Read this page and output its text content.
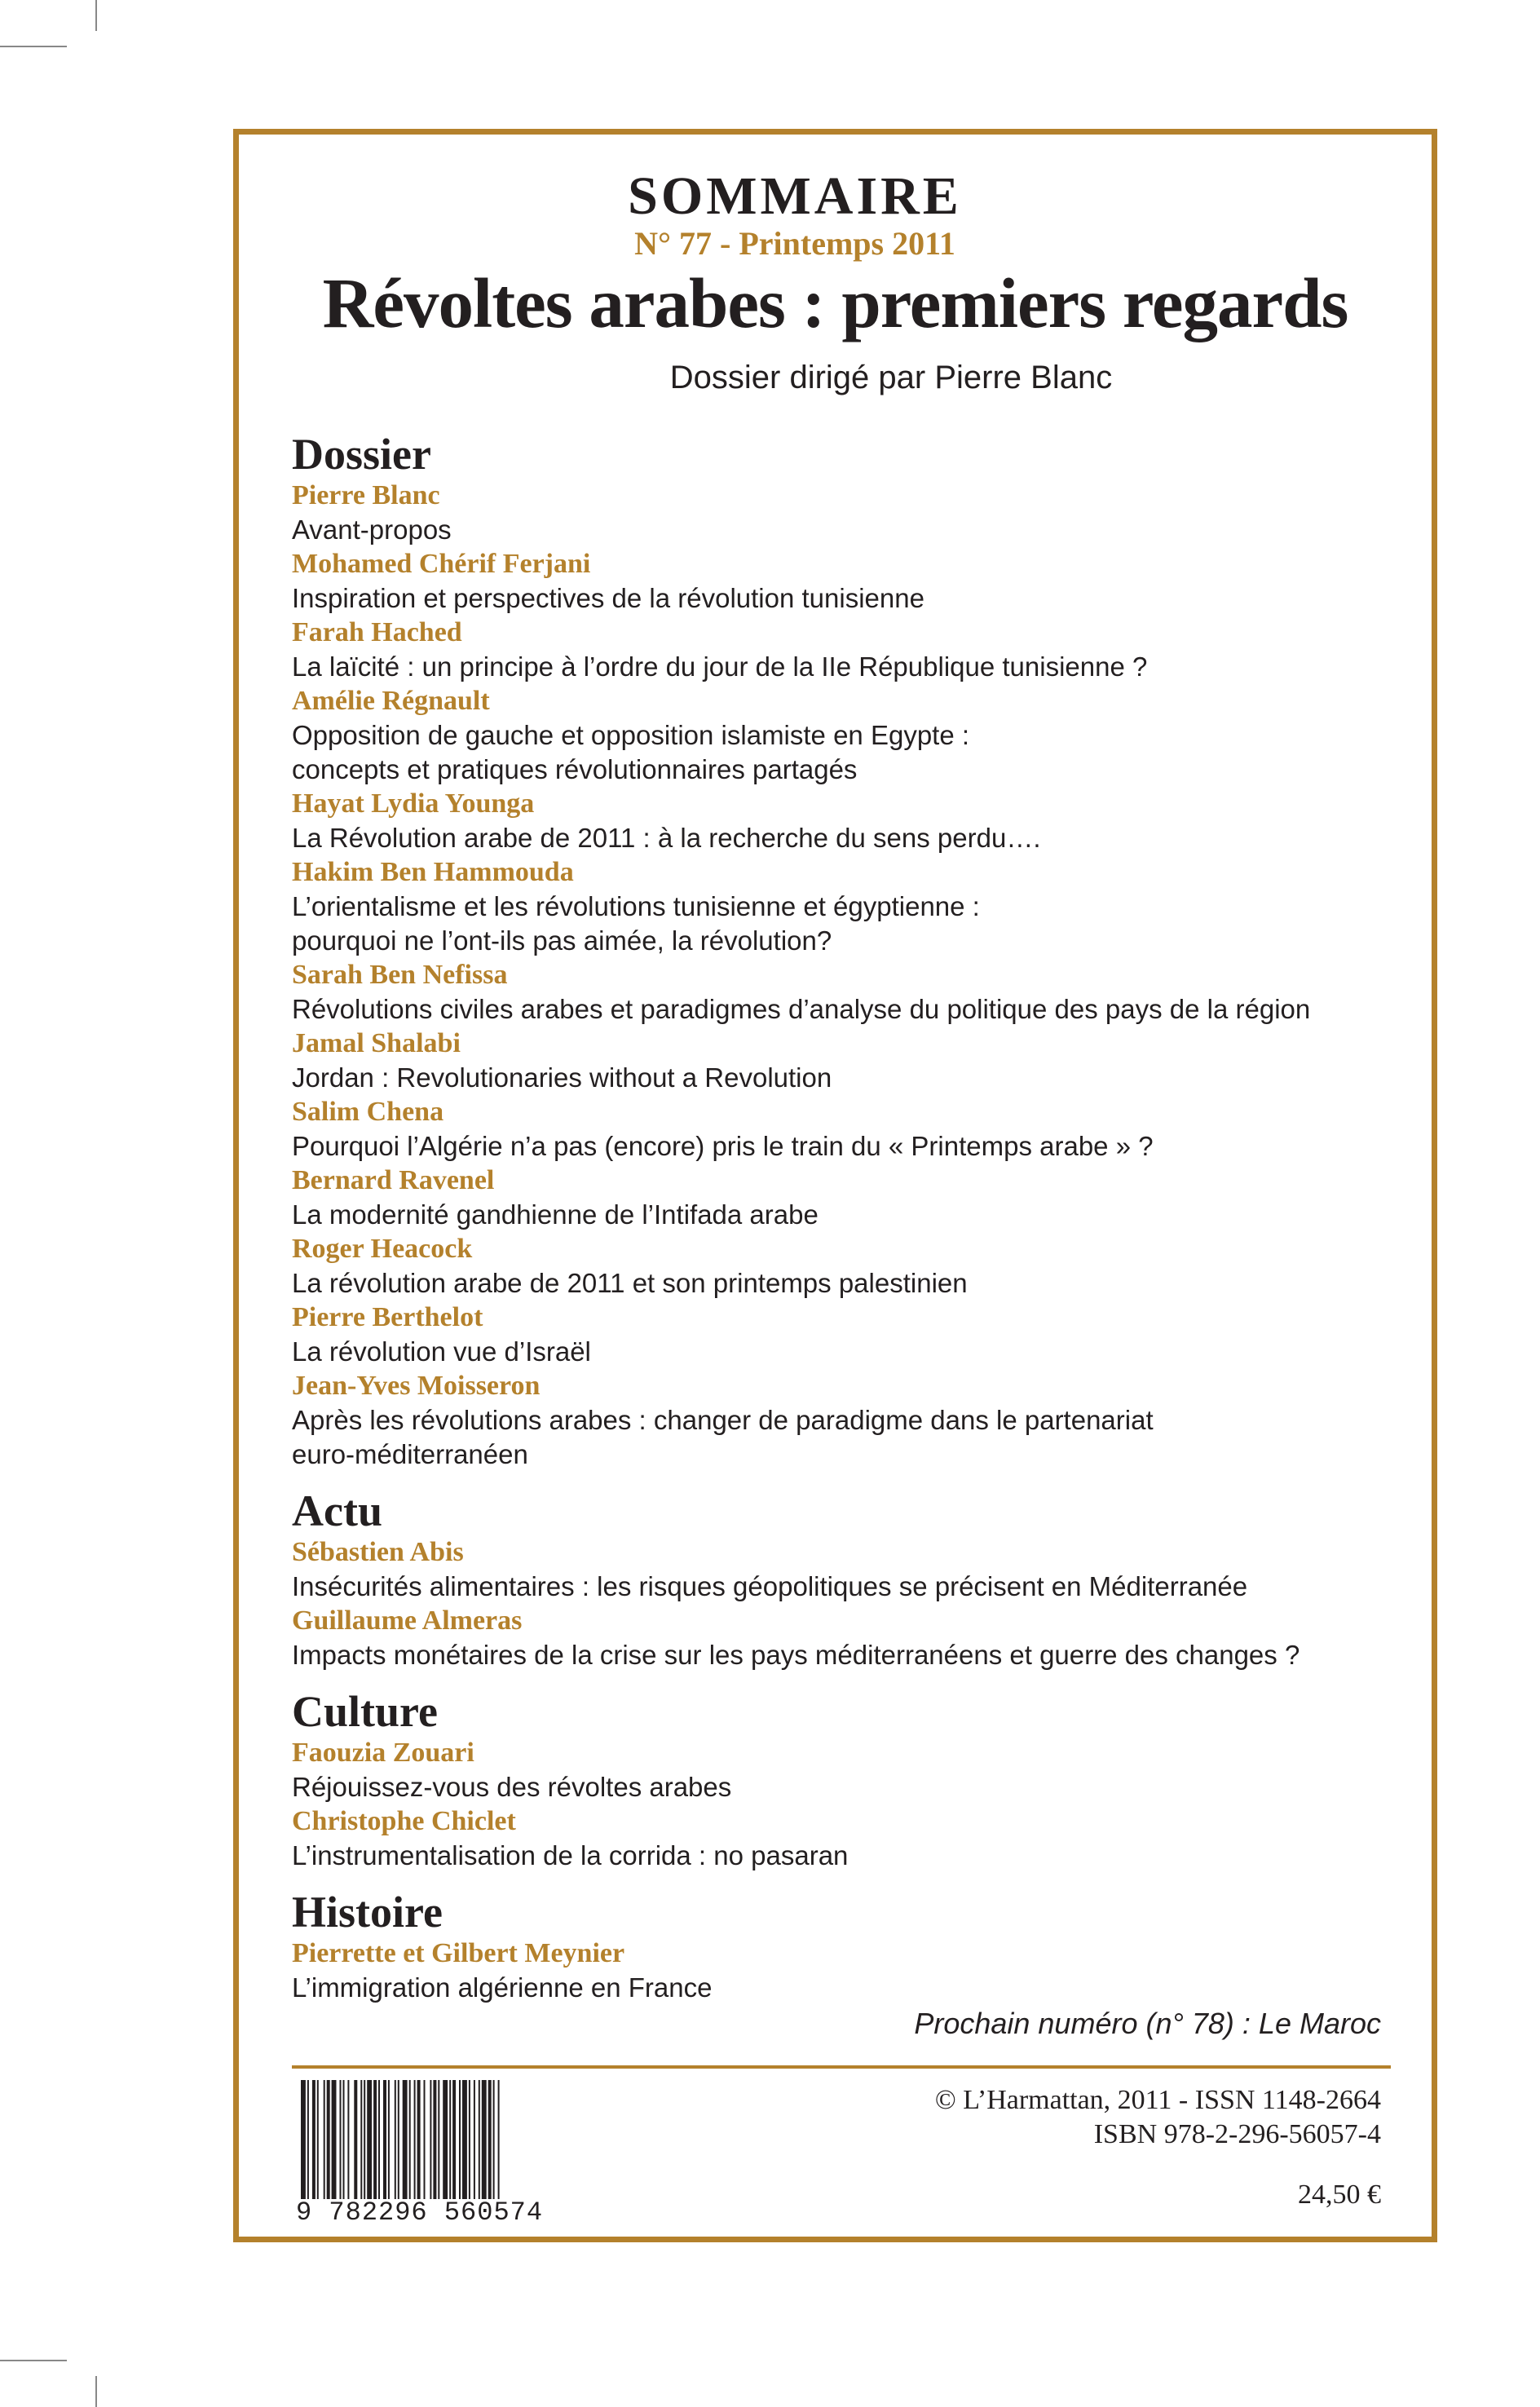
SOMMAIRE
N° 77 - Printemps 2011
Révoltes arabes : premiers regards
Dossier dirigé par Pierre Blanc
Dossier
Pierre Blanc
Avant-propos
Mohamed Chérif Ferjani
Inspiration et perspectives de la révolution tunisienne
Farah Hached
La laïcité : un principe à l’ordre du jour de la IIe République tunisienne ?
Amélie Régnault
Opposition de gauche et opposition islamiste en Egypte :
concepts et pratiques révolutionnaires partagés
Hayat Lydia Younga
La Révolution arabe de 2011 : à la recherche du sens perdu….
Hakim Ben Hammouda
L’orientalisme et les révolutions tunisienne et égyptienne :
pourquoi ne l’ont-ils pas aimée, la révolution?
Sarah Ben Nefissa
Révolutions civiles arabes et paradigmes d’analyse du politique des pays de la région
Jamal Shalabi
Jordan : Revolutionaries without a Revolution
Salim Chena
Pourquoi l’Algérie n’a pas (encore) pris le train du « Printemps arabe » ?
Bernard Ravenel
La modernité gandhienne de l’Intifada arabe
Roger Heacock
La révolution arabe de 2011 et son printemps palestinien
Pierre Berthelot
La révolution vue d’Israël
Jean-Yves Moisseron
Après les révolutions arabes : changer de paradigme dans le partenariat
euro-méditerranéen
Actu
Sébastien Abis
Insécurités alimentaires : les risques géopolitiques se précisent en Méditerranée
Guillaume Almeras
Impacts monétaires de la crise sur les pays méditerranéens et guerre des changes ?
Culture
Faouzia Zouari
Réjouissez-vous des révoltes arabes
Christophe Chiclet
L’instrumentalisation de la corrida : no pasaran
Histoire
Pierrette et Gilbert Meynier
L’immigration algérienne en France
Prochain numéro (n° 78) : Le Maroc
9 782296 560574
© L’Harmattan, 2011 - ISSN 1148-2664
ISBN 978-2-296-56057-4
24,50 €
